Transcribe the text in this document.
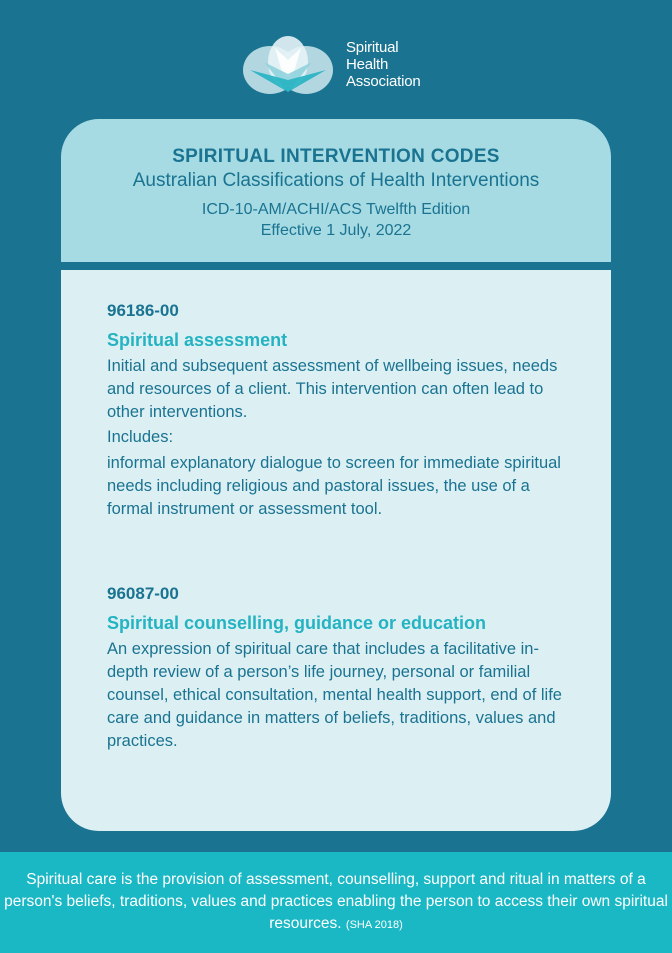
Spiritual
Health
Association
SPIRITUAL INTERVENTION CODES
Australian Classifications of Health Interventions
ICD-10-AM/ACHI/ACS Twelfth Edition
Effective 1 July, 2022
96186-00
Spiritual assessment
Initial and subsequent assessment of wellbeing issues, needs and resources of a client. This intervention can often lead to other interventions.
Includes:
informal explanatory dialogue to screen for immediate spiritual needs including religious and pastoral issues, the use of a formal instrument or assessment tool.
96087-00
Spiritual counselling, guidance or education
An expression of spiritual care that includes a facilitative in-depth review of a person’s life journey, personal or familial counsel, ethical consultation, mental health support, end of life care and guidance in matters of beliefs, traditions, values and practices.
Spiritual care is the provision of assessment, counselling, support and ritual in matters of a person's beliefs, traditions, values and practices enabling the person to access their own spiritual resources. (SHA 2018)
